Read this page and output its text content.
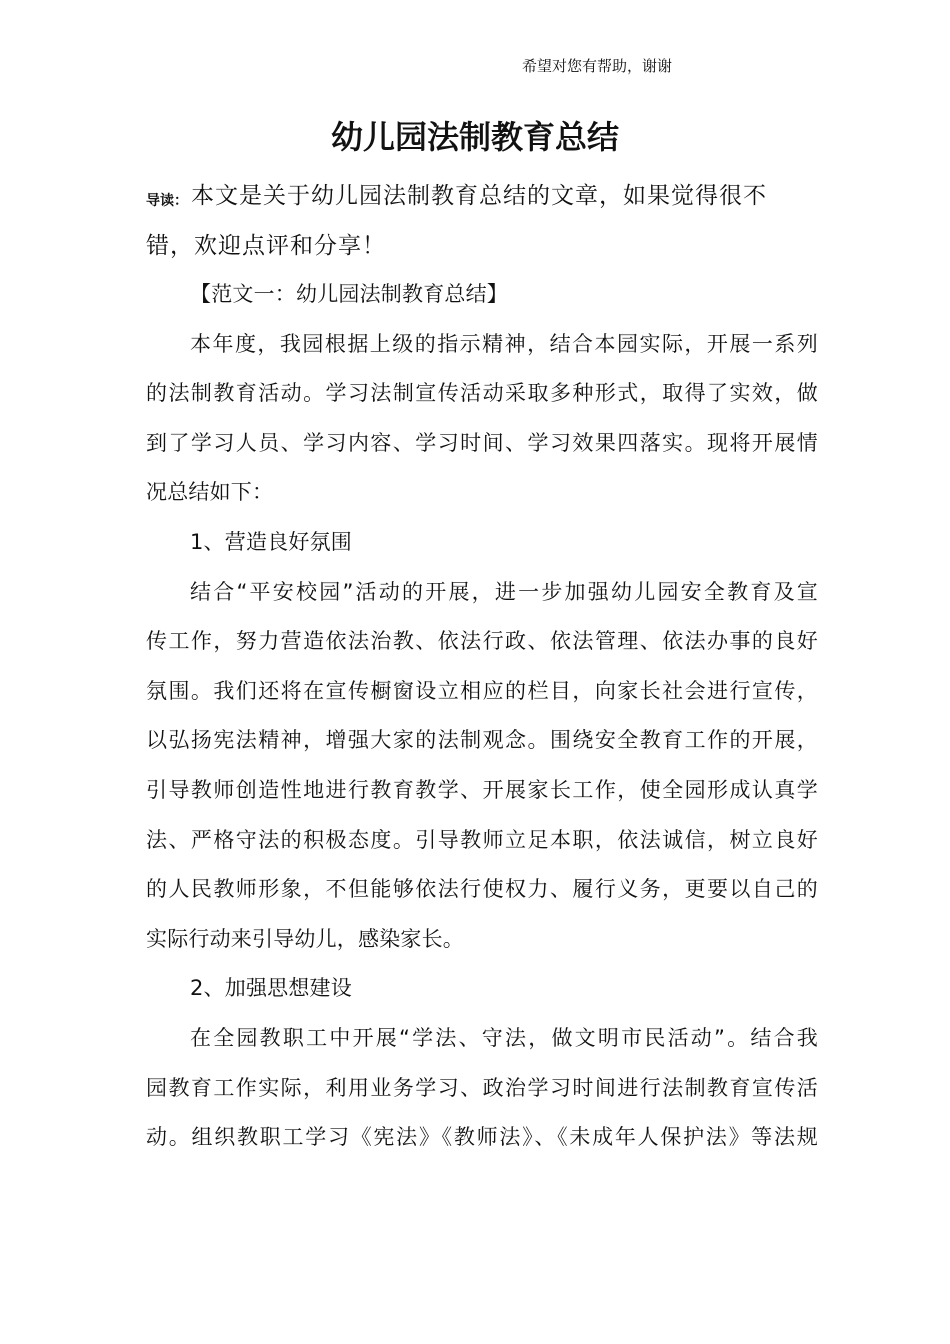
希望对您有帮助，谢谢
幼儿园法制教育总结
导读： 本文是关于幼儿园法制教育总结的文章，如果觉得很不错，欢迎点评和分享！

【范文一：幼儿园法制教育总结】

本年度，我园根据上级的指示精神，结合本园实际，开展一系列
的法制教育活动。学习法制宣传活动采取多种形式，取得了实效，做
到了学习人员、学习内容、学习时间、学习效果四落实。现将开展情
况总结如下：

1、营造良好氛围

结合“平安校园”活动的开展，进一步加强幼儿园安全教育及宣
传工作，努力营造依法治教、依法行政、依法管理、依法办事的良好
氛围。我们还将在宣传橱窗设立相应的栏目，向家长社会进行宣传，
以弘扬宪法精神，增强大家的法制观念。围绕安全教育工作的开展，
引导教师创造性地进行教育教学、开展家长工作，使全园形成认真学
法、严格守法的积极态度。引导教师立足本职，依法诚信，树立良好
的人民教师形象，不但能够依法行使权力、履行义务，更要以自己的
实际行动来引导幼儿，感染家长。

2、加强思想建设

在全园教职工中开展“学法、守法，做文明市民活动”。结合我
园教育工作实际，利用业务学习、政治学习时间进行法制教育宣传活
动。组织教职工学习《宪法》《教师法》、《未成年人保护法》等法规
